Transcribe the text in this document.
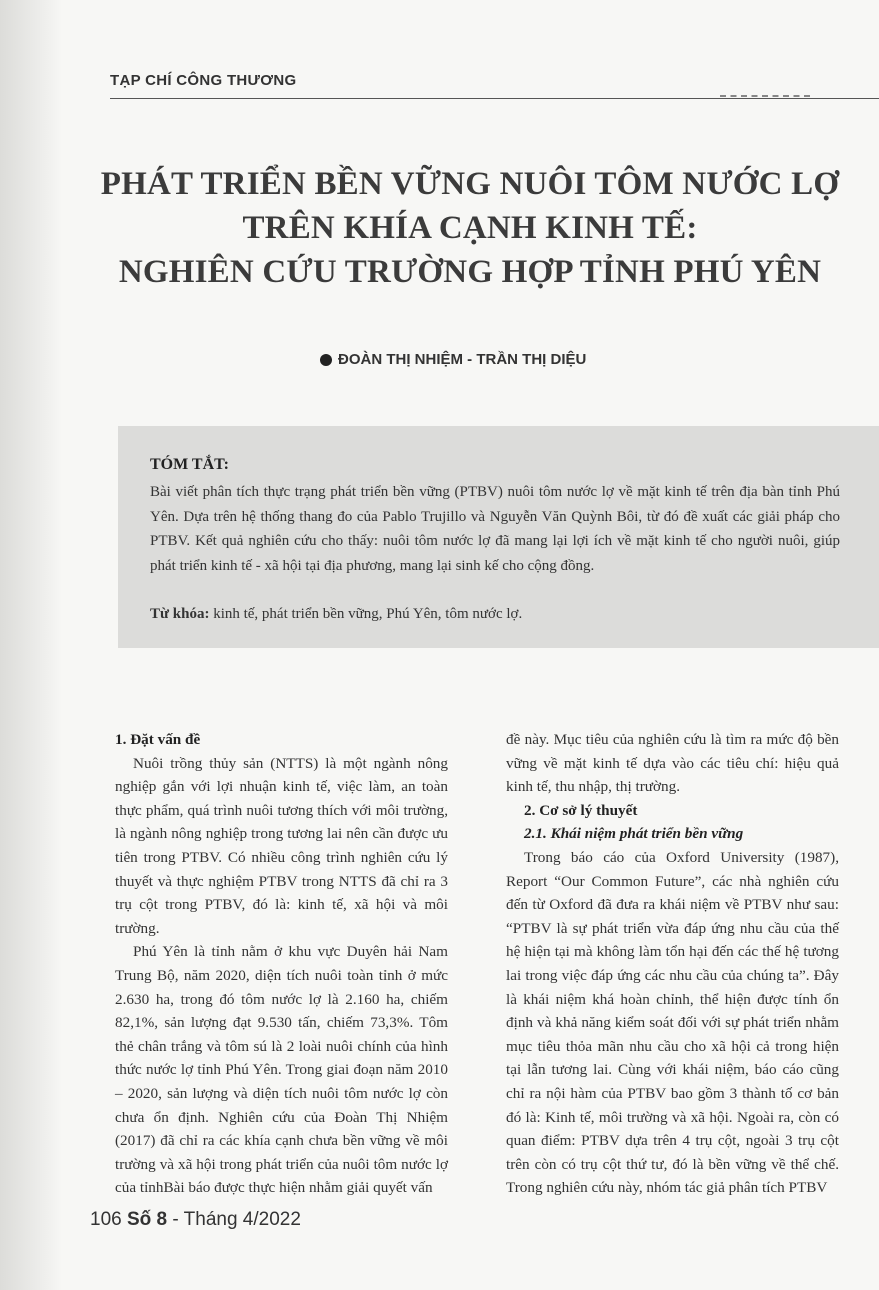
TẠP CHÍ CÔNG THƯƠNG
PHÁT TRIỂN BỀN VỮNG NUÔI TÔM NƯỚC LỢ
TRÊN KHÍA CẠNH KINH TẾ:
NGHIÊN CỨU TRƯỜNG HỢP TỈNH PHÚ YÊN
ĐOÀN THỊ NHIỆM - TRẦN THỊ DIỆU
TÓM TẮT:
Bài viết phân tích thực trạng phát triển bền vững (PTBV) nuôi tôm nước lợ về mặt kinh tế trên địa bàn tỉnh Phú Yên. Dựa trên hệ thống thang đo của Pablo Trujillo và Nguyễn Văn Quỳnh Bôi, từ đó đề xuất các giải pháp cho PTBV. Kết quả nghiên cứu cho thấy: nuôi tôm nước lợ đã mang lại lợi ích về mặt kinh tế cho người nuôi, giúp phát triển kinh tế - xã hội tại địa phương, mang lại sinh kế cho cộng đồng.
Từ khóa: kinh tế, phát triển bền vững, Phú Yên, tôm nước lợ.

1. Đặt vấn đề

Nuôi trồng thủy sản (NTTS) là một ngành nông nghiệp gắn với lợi nhuận kinh tế, việc làm, an toàn thực phẩm, quá trình nuôi tương thích với môi trường, là ngành nông nghiệp trong tương lai nên cần được ưu tiên trong PTBV. Có nhiều công trình nghiên cứu lý thuyết và thực nghiệm PTBV trong NTTS đã chỉ ra 3 trụ cột trong PTBV, đó là: kinh tế, xã hội và môi trường.

Phú Yên là tỉnh nằm ở khu vực Duyên hải Nam Trung Bộ, năm 2020, diện tích nuôi toàn tỉnh ở mức 2.630 ha, trong đó tôm nước lợ là 2.160 ha, chiếm 82,1%, sản lượng đạt 9.530 tấn, chiếm 73,3%. Tôm thẻ chân trắng và tôm sú là 2 loài nuôi chính của hình thức nước lợ tỉnh Phú Yên. Trong giai đoạn năm 2010 – 2020, sản lượng và diện tích nuôi tôm nước lợ còn chưa ổn định. Nghiên cứu của Đoàn Thị Nhiệm (2017) đã chỉ ra các khía cạnh chưa bền vững về môi trường và xã hội trong phát triển của nuôi tôm nước lợ của tỉnhBài báo được thực hiện nhằm giải quyết vấn

đề này. Mục tiêu của nghiên cứu là tìm ra mức độ bền vững về mặt kinh tế dựa vào các tiêu chí: hiệu quả kinh tế, thu nhập, thị trường.

2. Cơ sở lý thuyết

2.1. Khái niệm phát triển bền vững

Trong báo cáo của Oxford University (1987), Report “Our Common Future”, các nhà nghiên cứu đến từ Oxford đã đưa ra khái niệm về PTBV như sau: “PTBV là sự phát triển vừa đáp ứng nhu cầu của thế hệ hiện tại mà không làm tổn hại đến các thế hệ tương lai trong việc đáp ứng các nhu cầu của chúng ta”. Đây là khái niệm khá hoàn chỉnh, thể hiện được tính ổn định và khả năng kiểm soát đối với sự phát triển nhằm mục tiêu thỏa mãn nhu cầu cho xã hội cả trong hiện tại lẫn tương lai. Cùng với khái niệm, báo cáo cũng chỉ ra nội hàm của PTBV bao gồm 3 thành tố cơ bản đó là: Kinh tế, môi trường và xã hội. Ngoài ra, còn có quan điểm: PTBV dựa trên 4 trụ cột, ngoài 3 trụ cột trên còn có trụ cột thứ tư, đó là bền vững về thể chế. Trong nghiên cứu này, nhóm tác giả phân tích PTBV

106 Số 8 - Tháng 4/2022
